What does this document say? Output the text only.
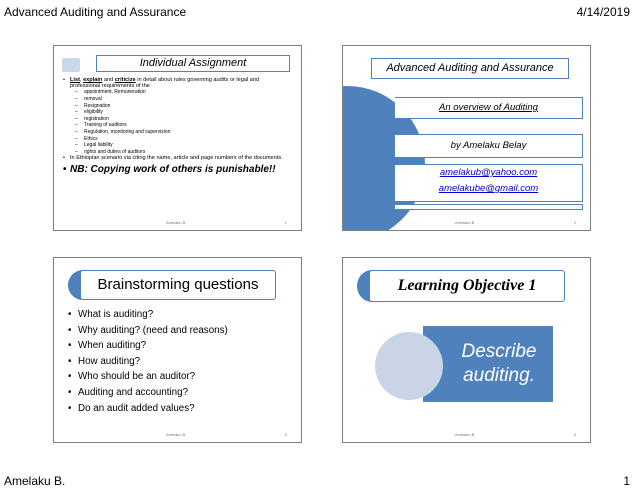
Advanced Auditing and Assurance	4/14/2019
Individual Assignment
• List, explain and criticize in detail about rules governing audits or legal and professional requirements of the
– appointment, Remuneration
– removal
– Resignation
– eligibility
– registration
– Training of auditors
– Regulation, monitoring and supervision
– Ethics
– Legal liability
– rights and duties of auditors
• In Ethiopian scenario via citing the name, article and page numbers of the documents.
• NB: Copying work of others is punishable!!
Amelaku B	1
Advanced Auditing and Assurance
An overview of Auditing
by Amelaku Belay
amelakub@yahoo.com
amelakube@gmail.com
Amelaku B	2
Brainstorming questions
• What is auditing?
• Why auditing? (need and reasons)
• When auditing?
• How auditing?
• Who should be an auditor?
• Auditing and accounting?
• Do an audit added values?
Amelaku B	3
Learning Objective 1
Describe
auditing.
Amelaku B	4
Amelaku B.	1
